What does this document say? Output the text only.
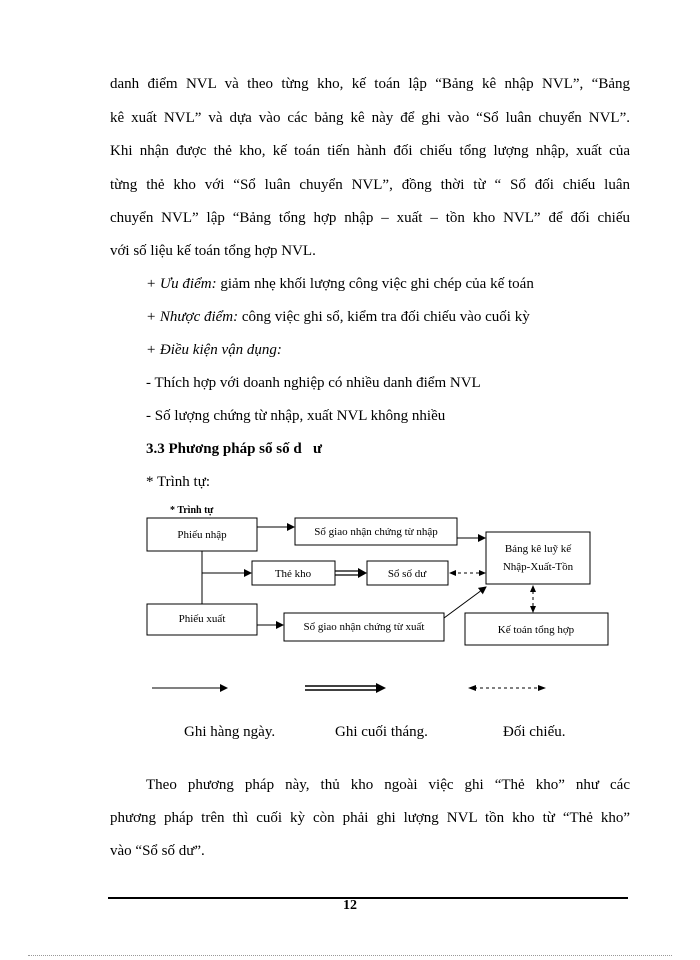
danh điểm NVL và theo từng kho, kế toán lập “Bảng kê nhập NVL”, “Bảng
kê xuất NVL” và dựa vào các bảng kê này để ghi vào “Sổ luân chuyển NVL”.
Khi nhận được thẻ kho, kế toán tiến hành đối chiếu tổng lượng nhập, xuất của
từng thẻ kho với “Sổ luân chuyển NVL”, đồng thời từ “ Sổ đối chiếu luân
chuyển NVL” lập “Bảng tổng hợp nhập – xuất – tồn kho NVL” để đối chiếu
với số liệu kế toán tổng hợp NVL.
+ Ưu điểm: giảm nhẹ khối lượng công việc ghi chép của kế toán
+ Nhược điểm: công việc ghi sổ, kiểm tra đối chiếu vào cuối kỳ
+ Điều kiện vận dụng:
- Thích hợp với doanh nghiệp có nhiều danh điểm NVL
- Số lượng chứng từ nhập, xuất NVL không nhiều
3.3 Phương pháp sổ số d   ư
* Trình tự:
* Trình tự
Phiếu nhập	Sổ giao nhận chứng từ nhập
Bảng kê luỹ kế
Nhập-Xuất-Tồn
Thẻ kho	Sổ số dư
Phiếu xuất
Sổ giao nhận chứng từ xuất	Kế toán tổng hợp
Ghi hàng ngày.	Ghi cuối tháng.	Đối chiếu.
Theo phương pháp này, thủ kho ngoài việc ghi “Thẻ kho” như các
phương pháp trên thì cuối kỳ còn phải ghi lượng NVL tồn kho từ “Thẻ kho”
vào “Sổ số dư”.
12
